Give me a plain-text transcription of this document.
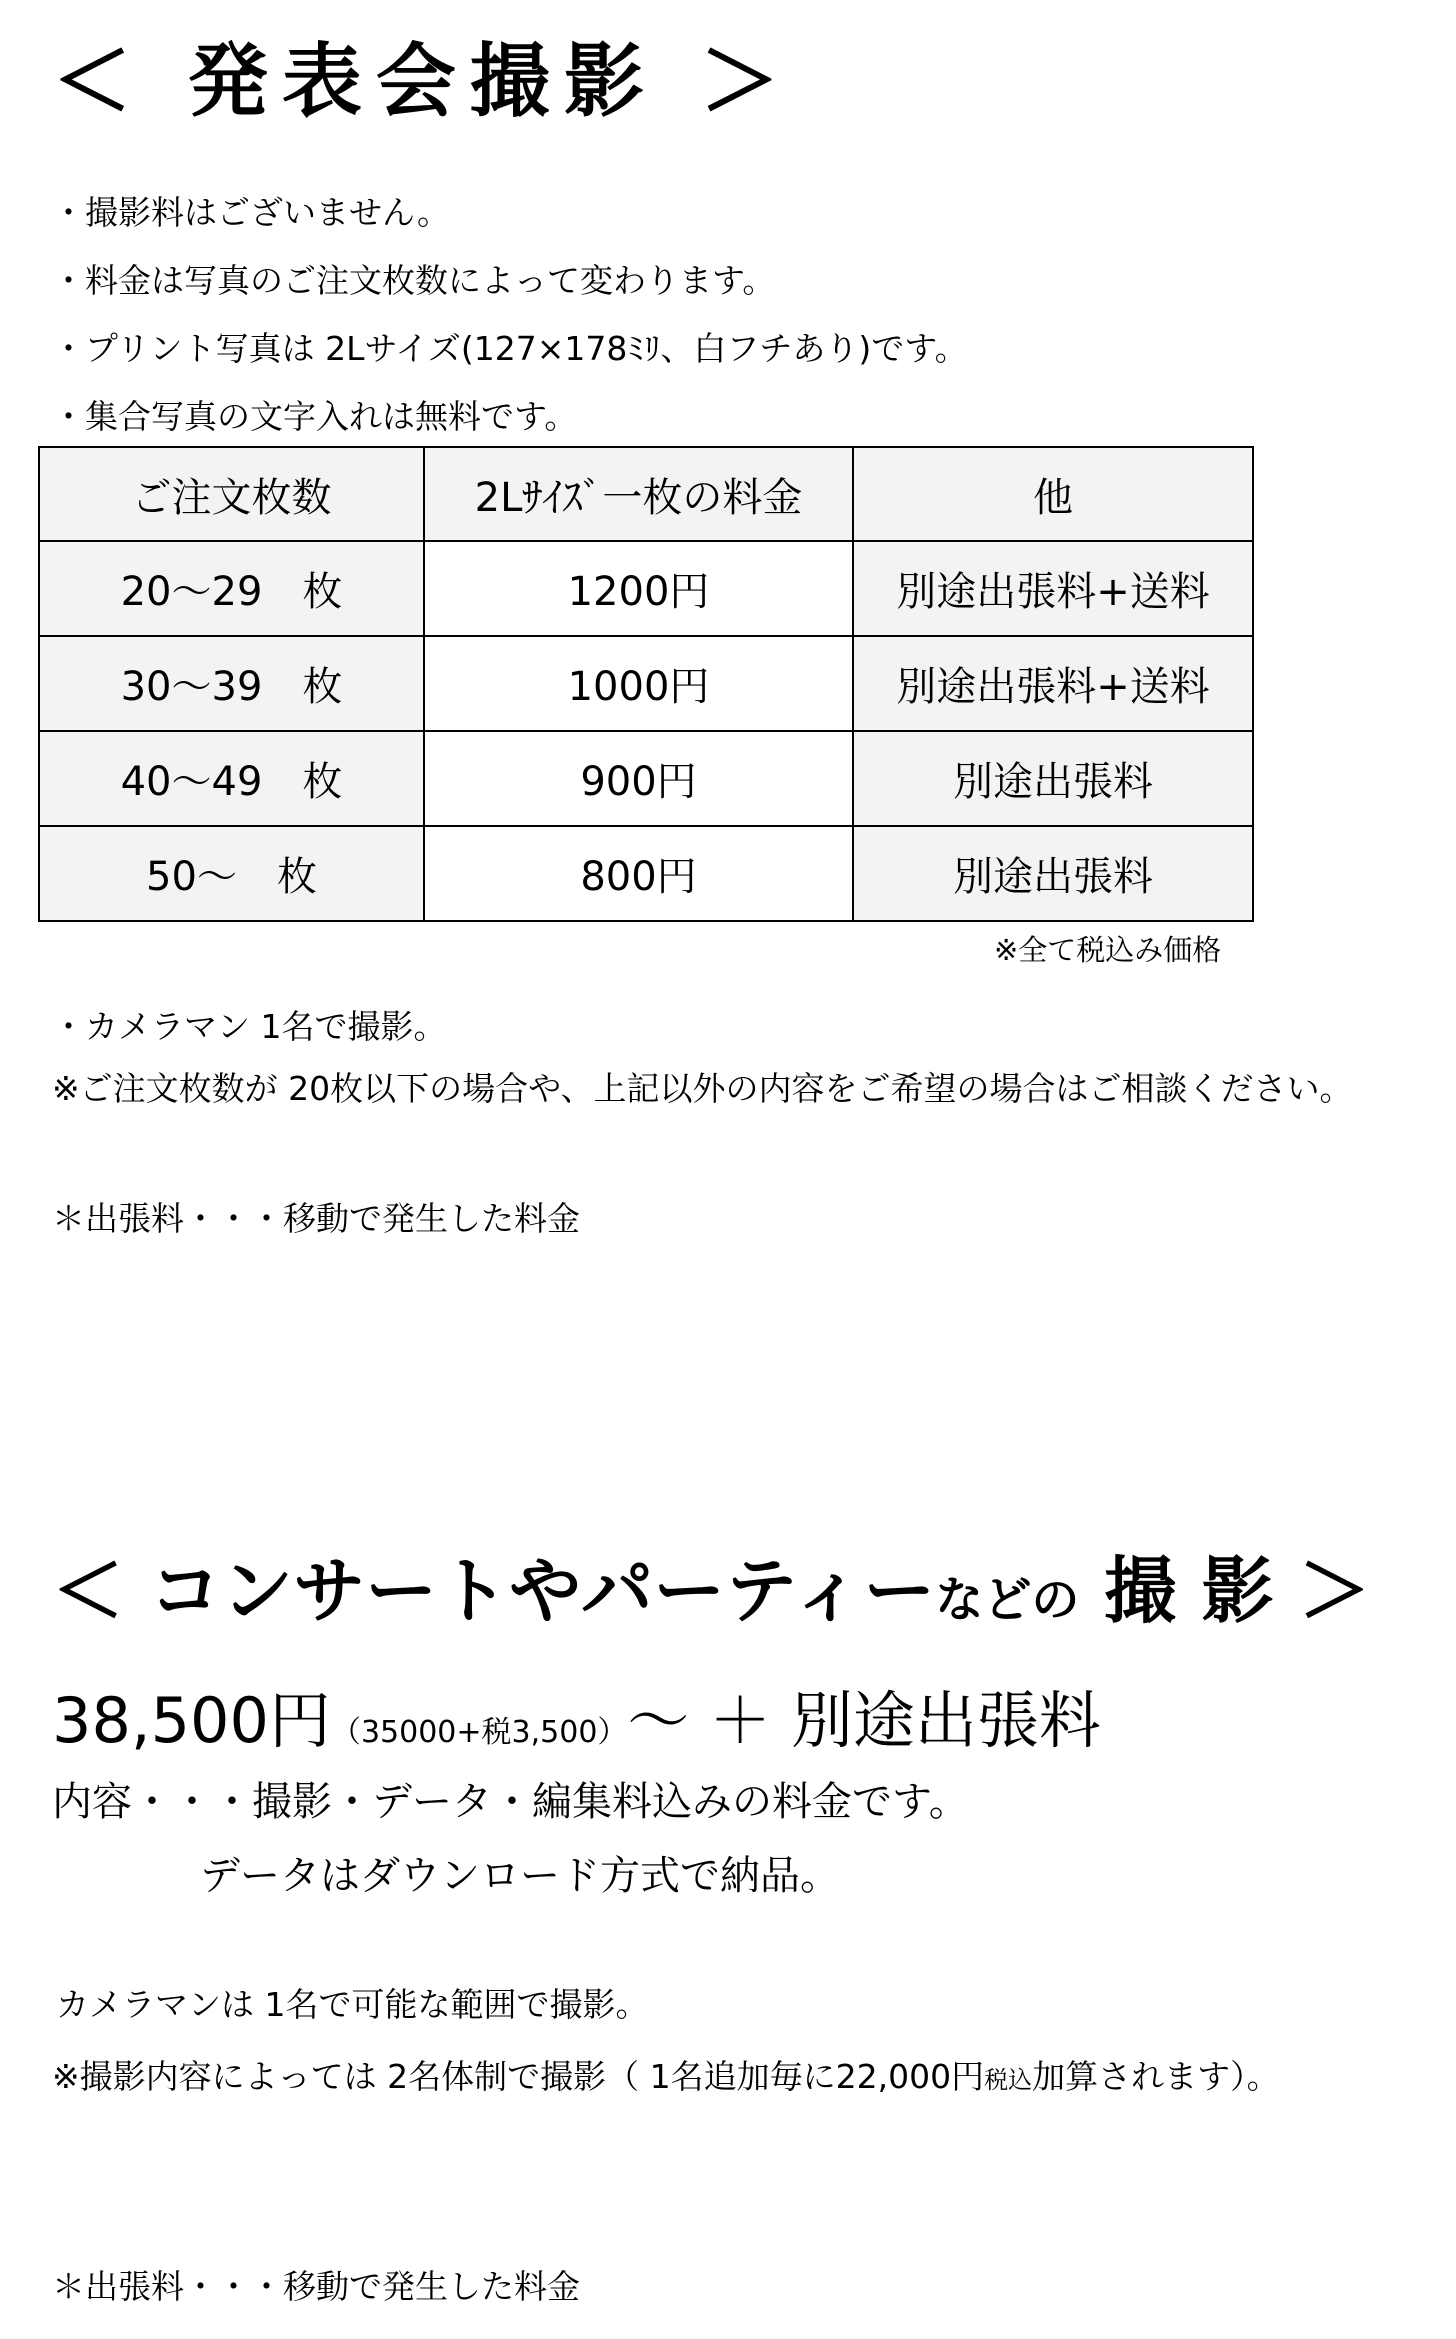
＜ 発表会撮影 ＞
・撮影料はございません。
・料金は写真のご注文枚数によって変わります。
・プリント写真は 2Lサイズ(127×178ﾐﾘ、白フチあり)です。
・集合写真の文字入れは無料です。
ご注文枚数	2Lｻｲｽﾞ一枚の料金	他
20〜29　枚	1200円	別途出張料+送料
30〜39　枚	1000円	別途出張料+送料
40〜49　枚	900円	別途出張料
50〜　枚	800円	別途出張料
※全て税込み価格
・カメラマン 1名で撮影。
※ご注文枚数が 20枚以下の場合や、上記以外の内容をご希望の場合はご相談ください。
＊出張料・・・移動で発生した料金
＜ コンサートやパーティーなどの 撮 影 ＞
38,500円（35000+税3,500）〜 ＋ 別途出張料
内容・・・撮影・データ・編集料込みの料金です。
データはダウンロード方式で納品。
カメラマンは 1名で可能な範囲で撮影。
※撮影内容によっては 2名体制で撮影（ 1名追加毎に22,000円税込加算されます）。
＊出張料・・・移動で発生した料金
